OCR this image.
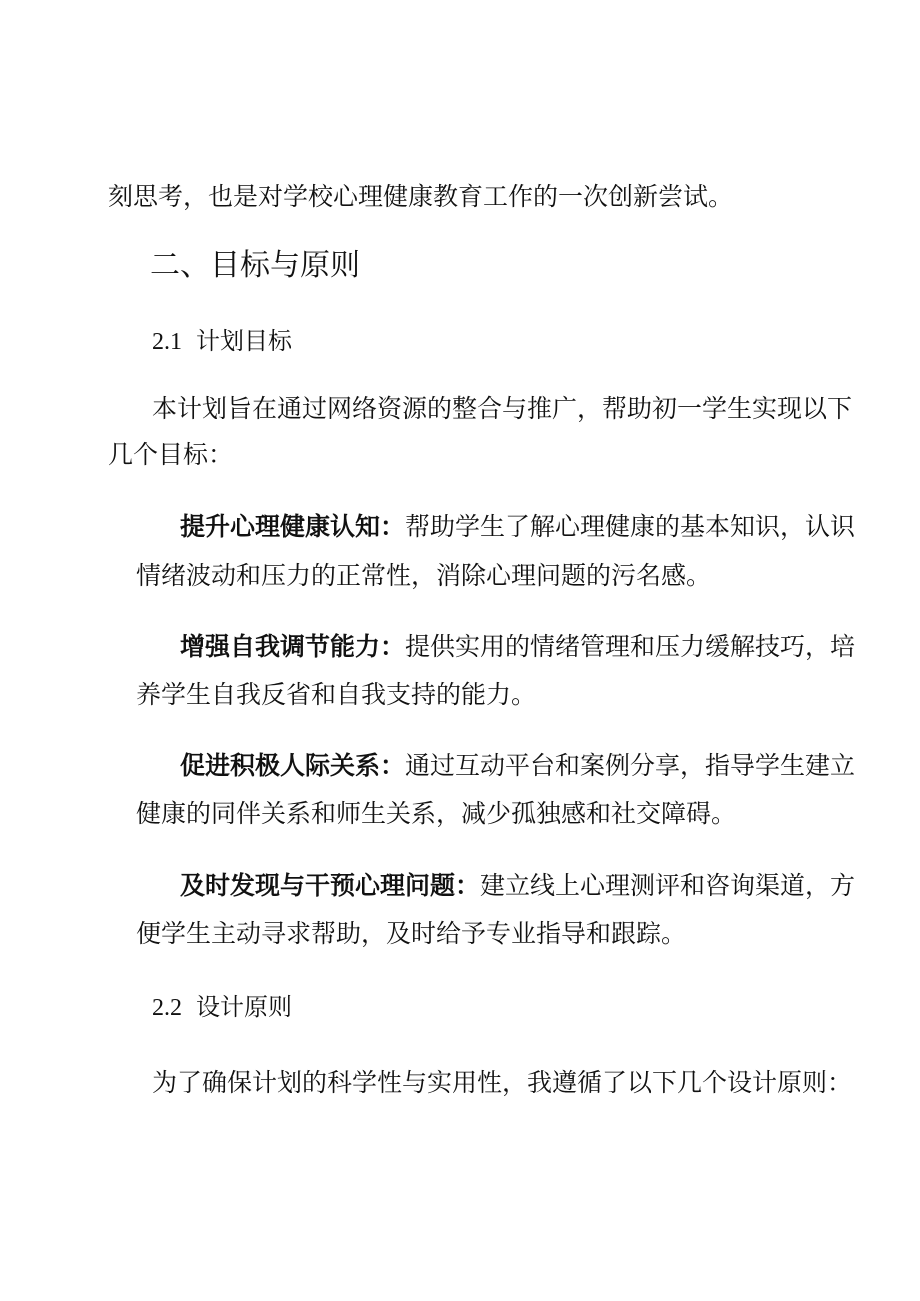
刻思考，也是对学校心理健康教育工作的一次创新尝试。
二、目标与原则
2.1 计划目标
本计划旨在通过网络资源的整合与推广，帮助初一学生实现以下
几个目标：
提升心理健康认知：帮助学生了解心理健康的基本知识，认识
情绪波动和压力的正常性，消除心理问题的污名感。
增强自我调节能力：提供实用的情绪管理和压力缓解技巧，培
养学生自我反省和自我支持的能力。
促进积极人际关系：通过互动平台和案例分享，指导学生建立
健康的同伴关系和师生关系，减少孤独感和社交障碍。
及时发现与干预心理问题：建立线上心理测评和咨询渠道，方
便学生主动寻求帮助，及时给予专业指导和跟踪。
2.2 设计原则
为了确保计划的科学性与实用性，我遵循了以下几个设计原则：
